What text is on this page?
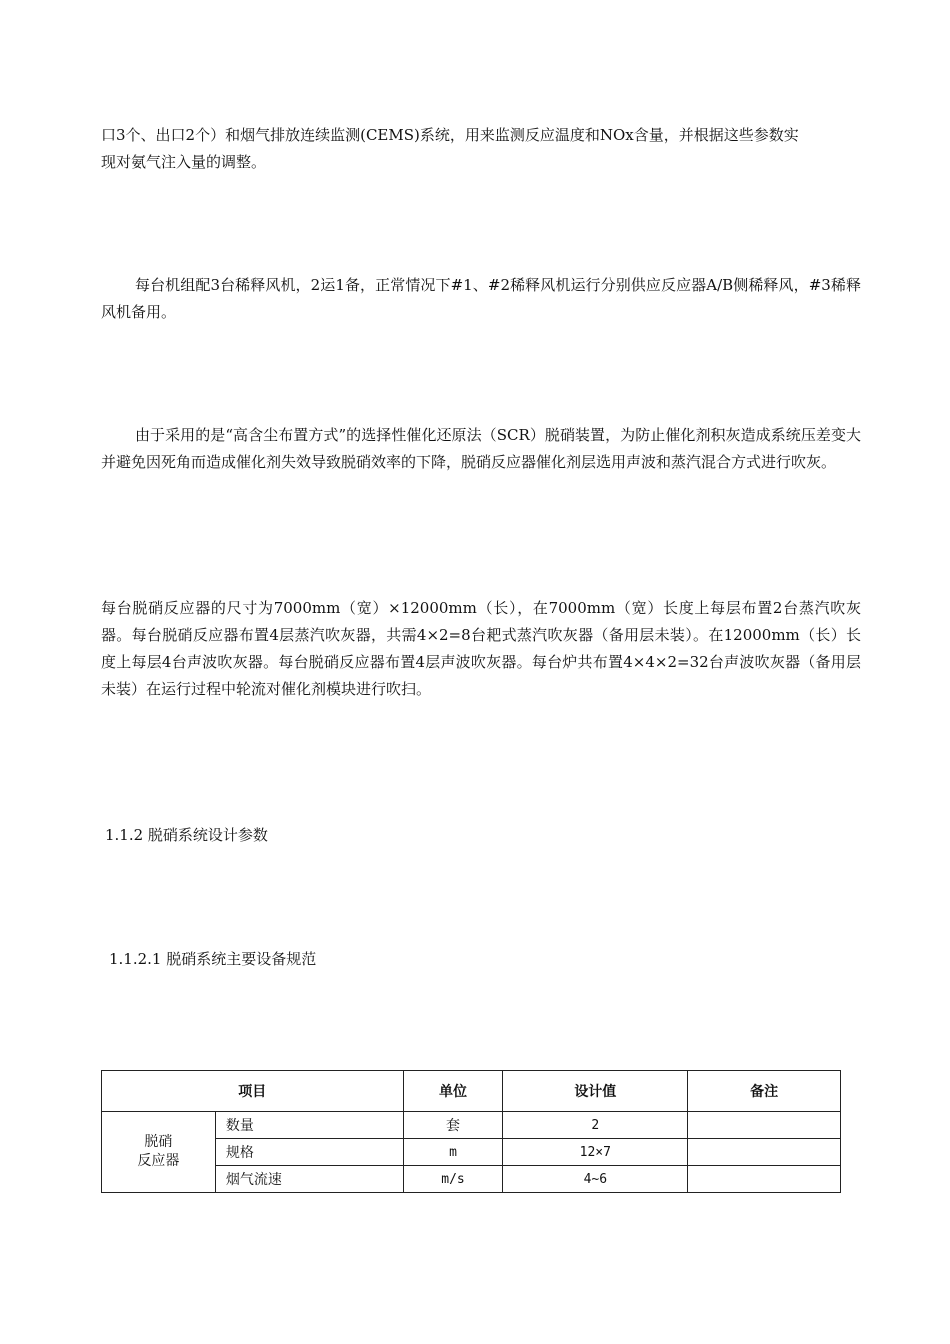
口3个、出口2个）和烟气排放连续监测(CEMS)系统，用来监测反应温度和NOx含量，并根据这些参数实
现对氨气注入量的调整。

每台机组配3台稀释风机，2运1备，正常情况下#1、#2稀释风机运行分别供应反应器A/B侧稀释风，#3稀释风机备用。

由于采用的是“高含尘布置方式”的选择性催化还原法（SCR）脱硝装置，为防止催化剂积灰造成系统压差变大并避免因死角而造成催化剂失效导致脱硝效率的下降，脱硝反应器催化剂层选用声波和蒸汽混合方式进行吹灰。

每台脱硝反应器的尺寸为7000mm（宽）×12000mm（长），在7000mm（宽）长度上每层布置2台蒸汽吹灰器。每台脱硝反应器布置4层蒸汽吹灰器，共需4×2=8台耙式蒸汽吹灰器（备用层未装）。在12000mm（长）长度上每层4台声波吹灰器。每台脱硝反应器布置4层声波吹灰器。每台炉共布置4×4×2=32台声波吹灰器（备用层未装）在运行过程中轮流对催化剂模块进行吹扫。

1.1.2 脱硝系统设计参数

1.1.2.1 脱硝系统主要设备规范

项目		单位	设计值	备注

脱硝
反应器	数量	套	2	
	规格	m	12×7	
	烟气流速	m/s	4~6	
